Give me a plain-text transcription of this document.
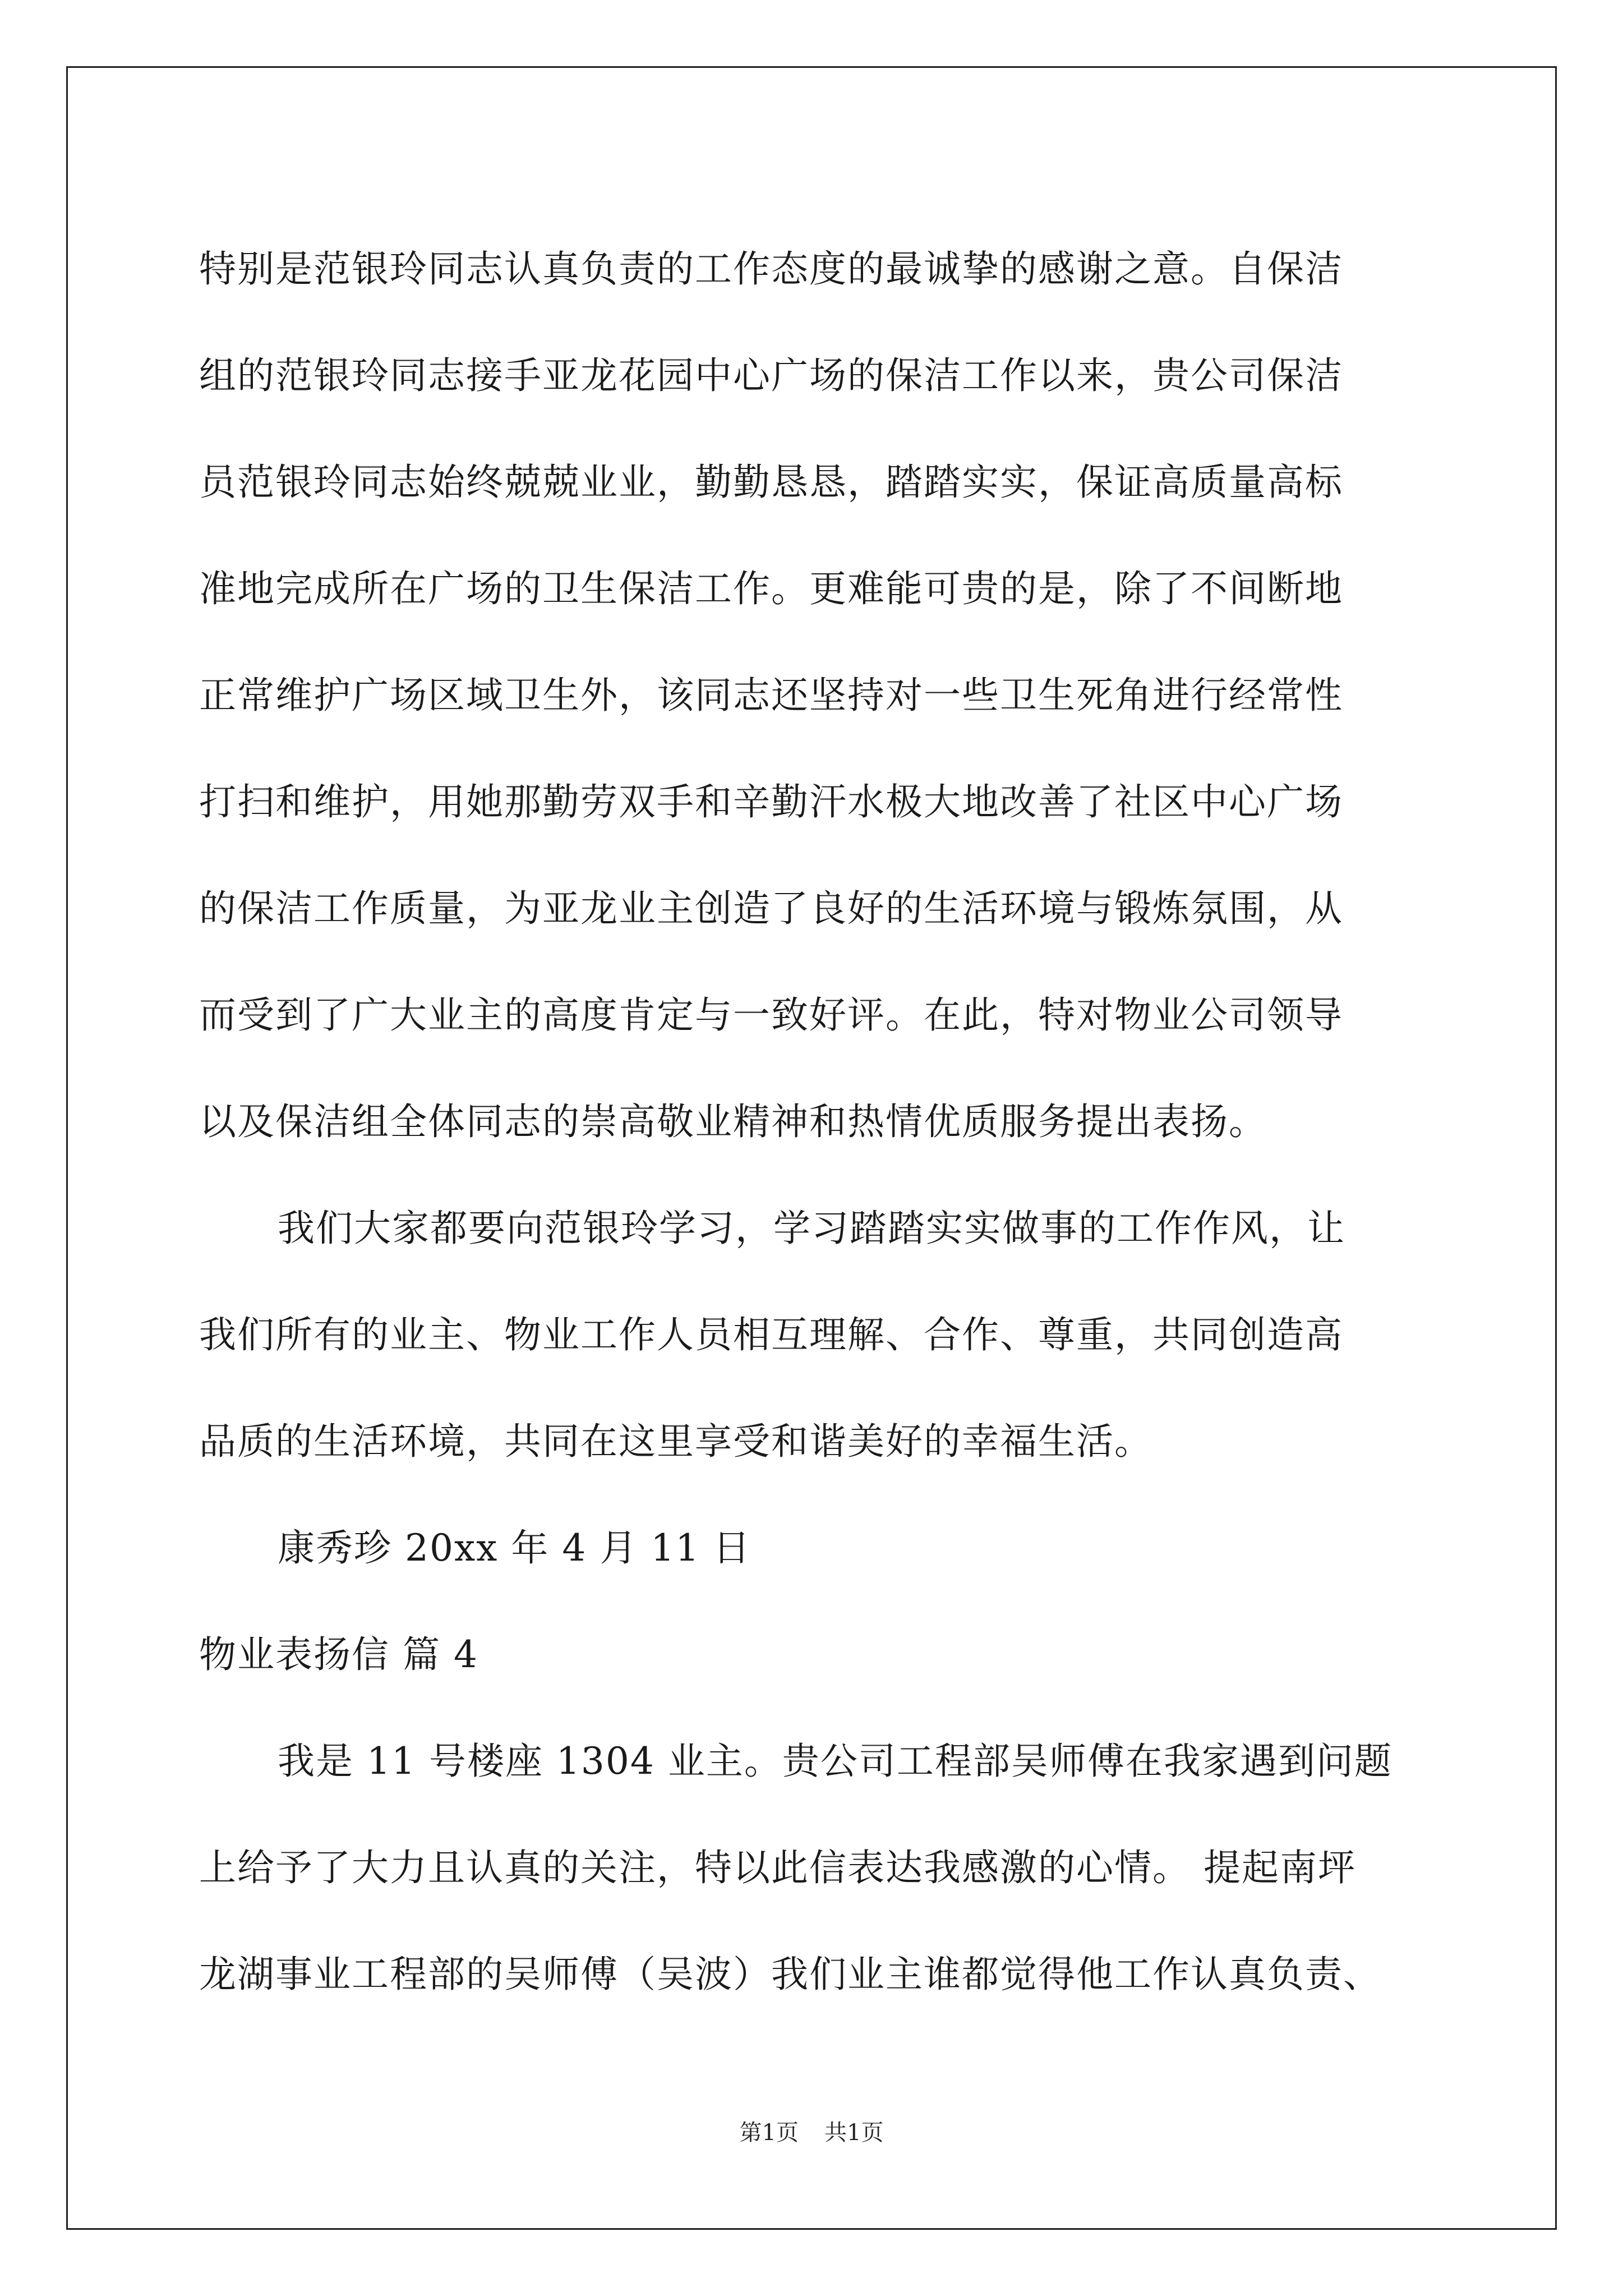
特别是范银玲同志认真负责的工作态度的最诚挚的感谢之意。自保洁
组的范银玲同志接手亚龙花园中心广场的保洁工作以来，贵公司保洁
员范银玲同志始终兢兢业业，勤勤恳恳，踏踏实实，保证高质量高标
准地完成所在广场的卫生保洁工作。更难能可贵的是，除了不间断地
正常维护广场区域卫生外，该同志还坚持对一些卫生死角进行经常性
打扫和维护，用她那勤劳双手和辛勤汗水极大地改善了社区中心广场
的保洁工作质量，为亚龙业主创造了良好的生活环境与锻炼氛围，从
而受到了广大业主的高度肯定与一致好评。在此，特对物业公司领导
以及保洁组全体同志的崇高敬业精神和热情优质服务提出表扬。
我们大家都要向范银玲学习，学习踏踏实实做事的工作作风，让
我们所有的业主、物业工作人员相互理解、合作、尊重，共同创造高
品质的生活环境，共同在这里享受和谐美好的幸福生活。
康秀珍 20xx 年 4 月 11 日
物业表扬信 篇 4
我是 11 号楼座 1304 业主。贵公司工程部吴师傅在我家遇到问题
上给予了大力且认真的关注，特以此信表达我感激的心情。 提起南坪
龙湖事业工程部的吴师傅（吴波）我们业主谁都觉得他工作认真负责、
第1页 共1页
